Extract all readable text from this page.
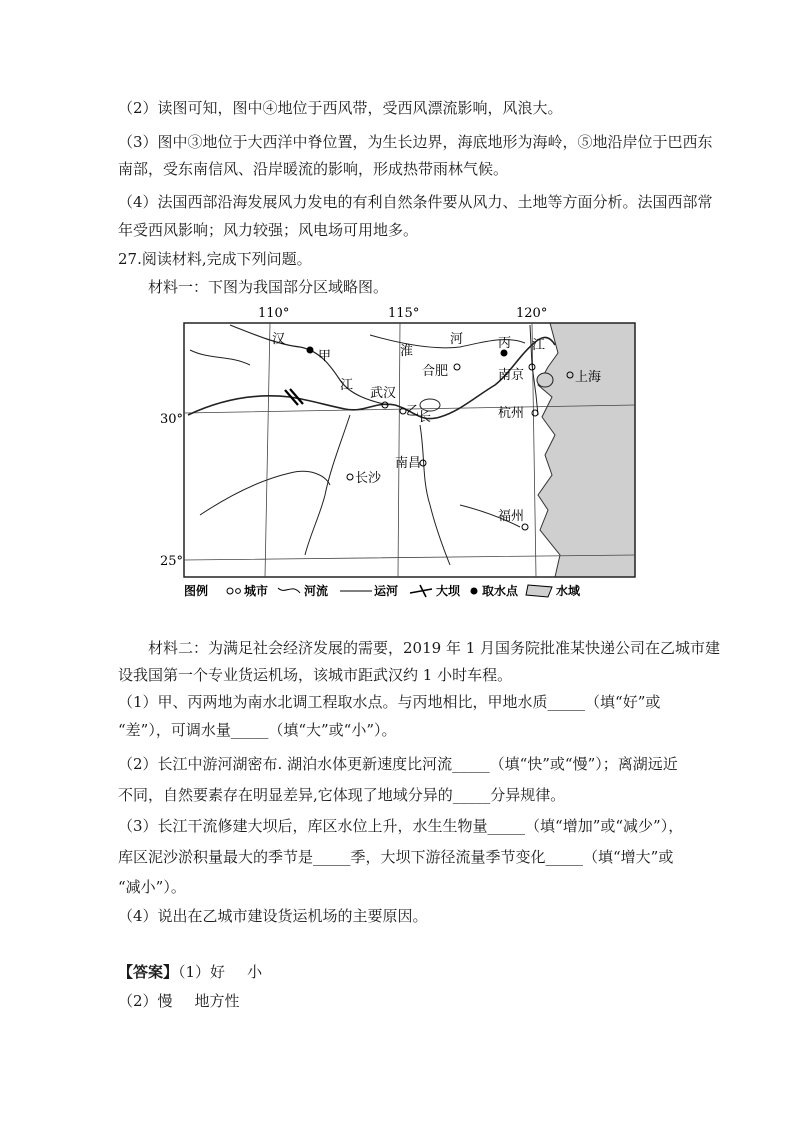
（2）读图可知，图中④地位于西风带，受西风漂流影响，风浪大。
（3）图中③地位于大西洋中脊位置，为生长边界，海底地形为海岭，⑤地沿岸位于巴西东
南部，受东南信风、沿岸暖流的影响，形成热带雨林气候。
（4）法国西部沿海发展风力发电的有利自然条件要从风力、土地等方面分析。法国西部常
年受西风影响；风力较强；风电场可用地多。
27.阅读材料,完成下列问题。
材料一：下图为我国部分区域略图。
110°	115°	120°
30°
25°
汉
甲	淮
河	丙 江
合肥	南京	上海
江
武汉
乙
长	杭州
南昌
长沙
福州
图例	城市	河流	运河	大坝 取水点	水域
材料二：为满足社会经济发展的需要，2019 年 1 月国务院批准某快递公司在乙城市建
设我国第一个专业货运机场，该城市距武汉约 1 小时车程。
（1）甲、丙两地为南水北调工程取水点。与丙地相比，甲地水质_____（填“好”或
“差”），可调水量_____（填“大”或“小”）。
（2）长江中游河湖密布. 湖泊水体更新速度比河流_____（填“快”或“慢”）；离湖远近
不同，自然要素存在明显差异,它体现了地域分异的_____分异规律。
（3）长江干流修建大坝后，库区水位上升，水生生物量_____（填“增加”或“减少”），
库区泥沙淤积量最大的季节是_____季，大坝下游径流量季节变化_____（填“增大”或
“减小”）。
（4）说出在乙城市建设货运机场的主要原因。
【答案】（1）好 小
（2）慢 地方性
